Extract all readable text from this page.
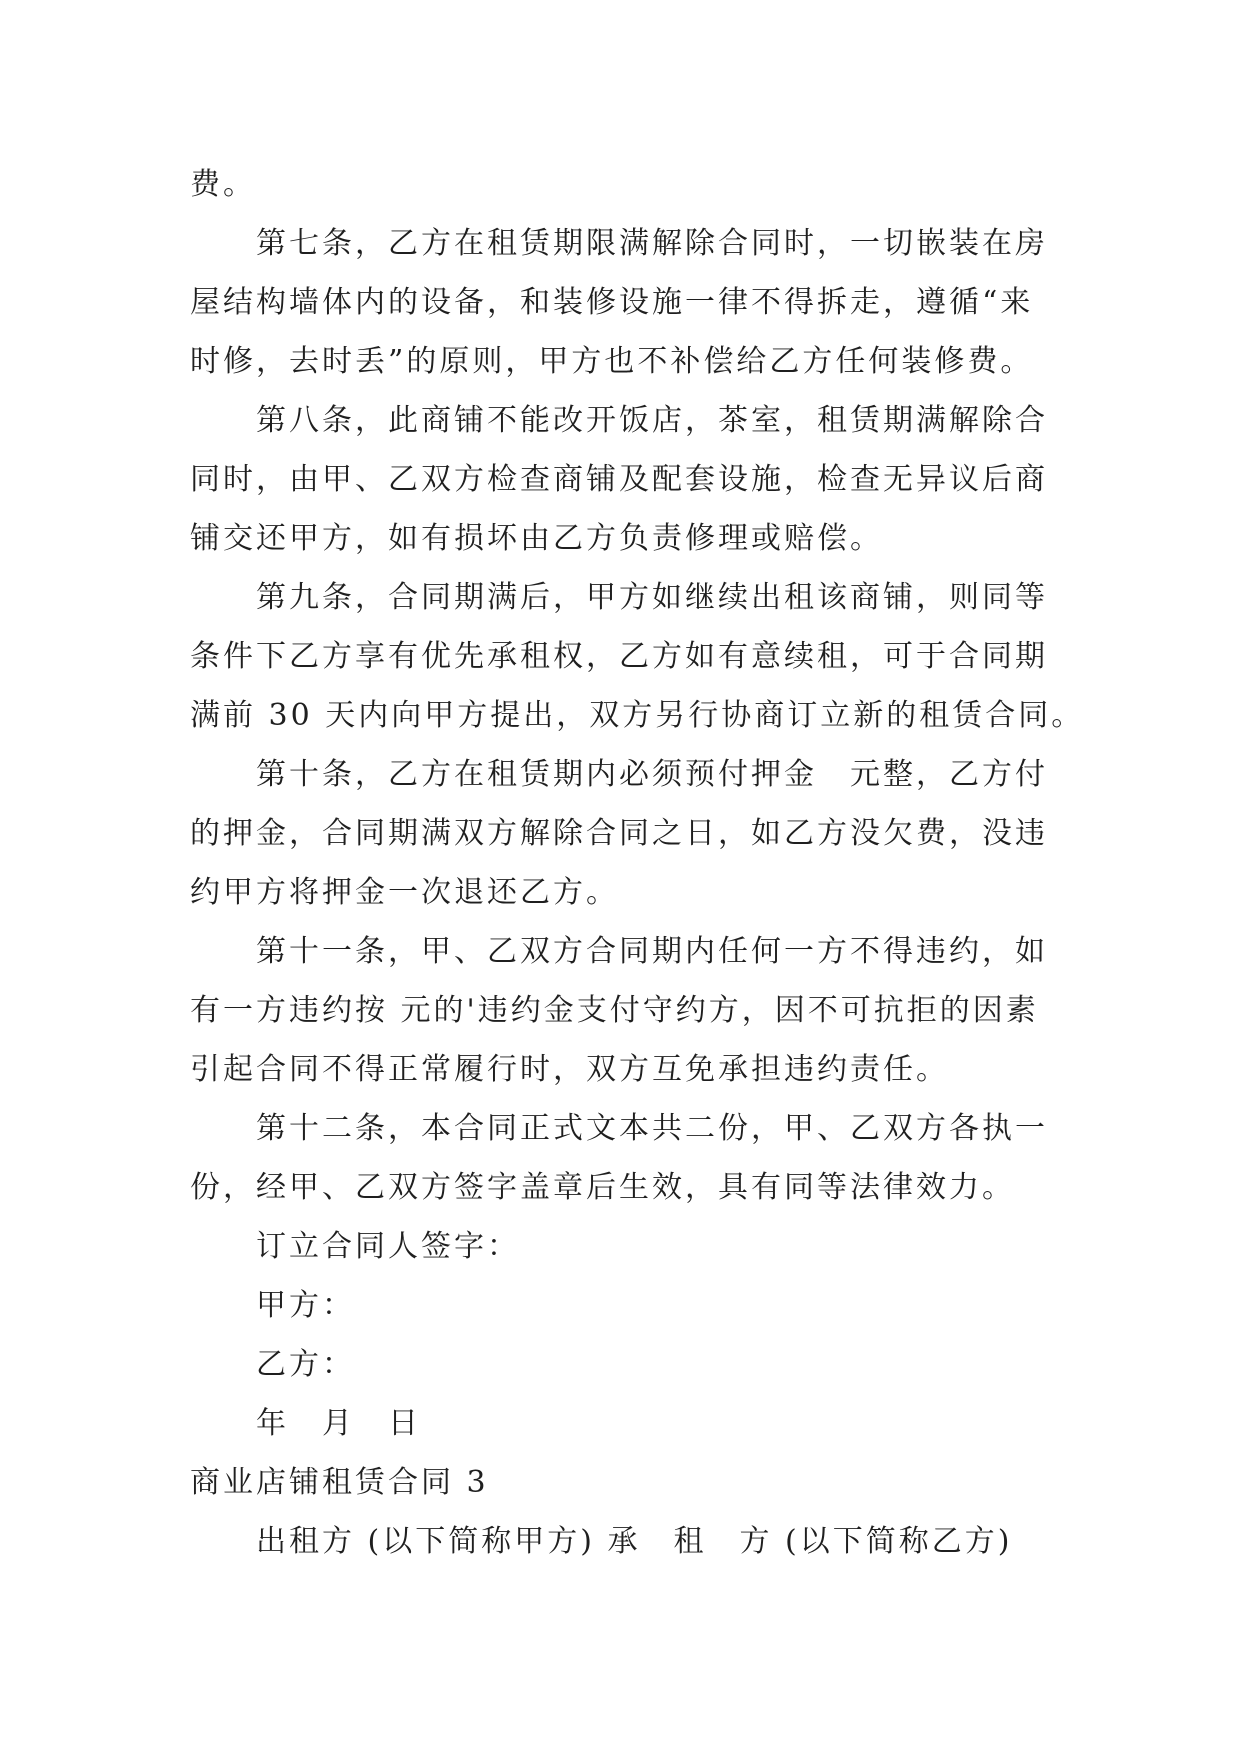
费。
第七条，乙方在租赁期限满解除合同时，一切嵌装在房
屋结构墙体内的设备，和装修设施一律不得拆走，遵循“来
时修，去时丢”的原则，甲方也不补偿给乙方任何装修费。
第八条，此商铺不能改开饭店，茶室，租赁期满解除合
同时，由甲、乙双方检查商铺及配套设施，检查无异议后商
铺交还甲方，如有损坏由乙方负责修理或赔偿。
第九条，合同期满后，甲方如继续出租该商铺，则同等
条件下乙方享有优先承租权，乙方如有意续租，可于合同期
满前 30 天内向甲方提出，双方另行协商订立新的租赁合同。
第十条，乙方在租赁期内必须预付押金　元整，乙方付
的押金，合同期满双方解除合同之日，如乙方没欠费，没违
约甲方将押金一次退还乙方。
第十一条，甲、乙双方合同期内任何一方不得违约，如
有一方违约按 元的'违约金支付守约方，因不可抗拒的因素
引起合同不得正常履行时，双方互免承担违约责任。
第十二条，本合同正式文本共二份，甲、乙双方各执一
份，经甲、乙双方签字盖章后生效，具有同等法律效力。
订立合同人签字：
甲方：
乙方：
年　月　日
商业店铺租赁合同 3
出租方 (以下简称甲方) 承　租　方 (以下简称乙方)
